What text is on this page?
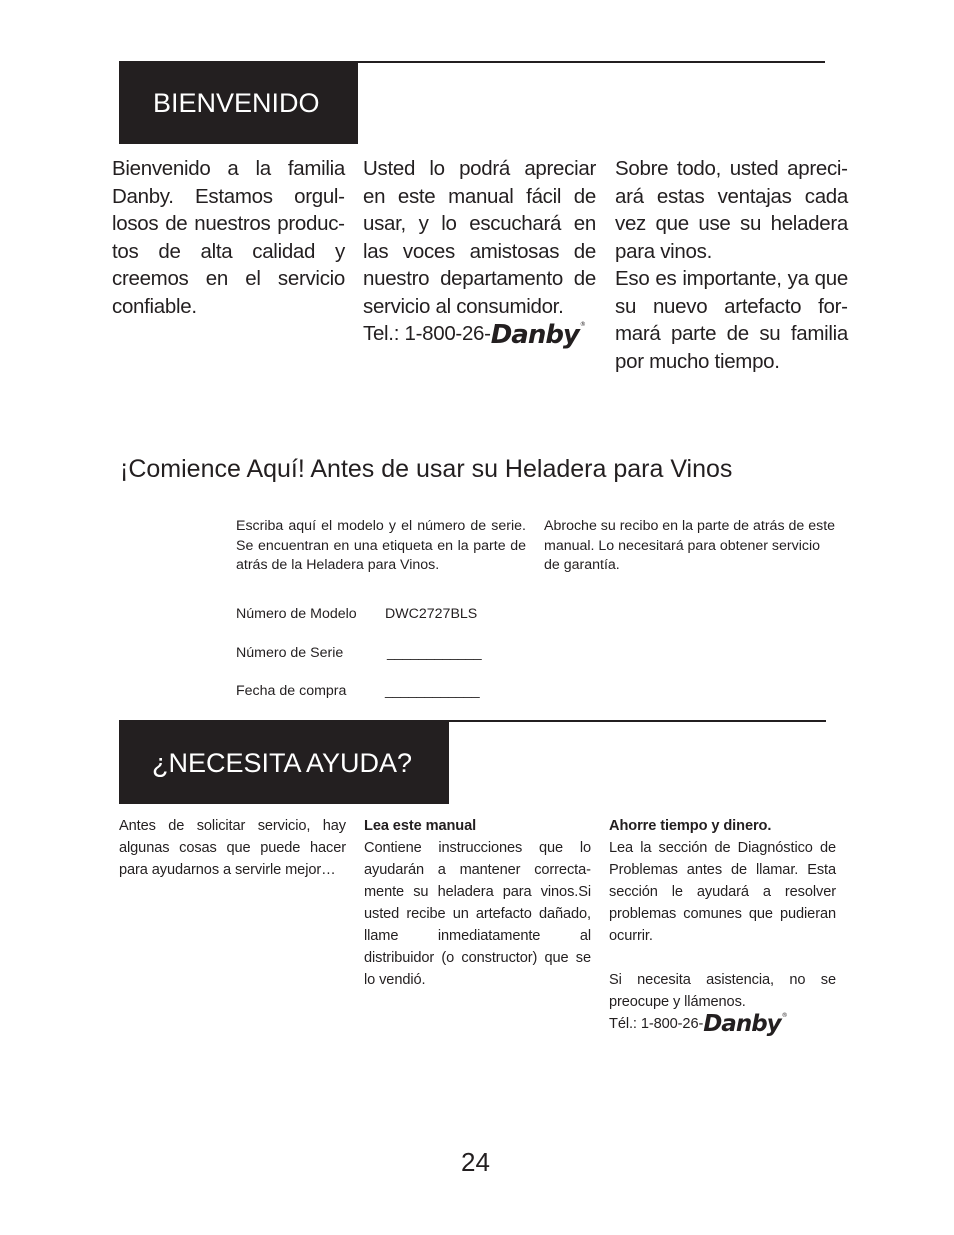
BIENVENIDO

Bienvenido a la familia Danby. Estamos orgullosos de nuestros productos de alta calidad y creemos en el servicio confiable.

Usted lo podrá apreciar en este manual fácil de usar, y lo escuchará en las voces amistosas de nuestro departamento de servicio al consumidor.

Tel.: 1-800-26-Danby®

Sobre todo, usted apreciará estas ventajas cada vez que use su heladera para vinos.

Eso es importante, ya que su nuevo artefacto formará parte de su familia por mucho tiempo.

¡Comience Aquí! Antes de usar su Heladera para Vinos
Escriba aquí el modelo y el número de serie. Se encuentran en una etiqueta en la parte de atrás de la Heladera para Vinos.
Abroche su recibo en la parte de atrás de este manual. Lo necesitará para obtener servicio de garantía.
Número de Modelo DWC2727BLS
Número de Serie	____________
Fecha de compra	____________
¿NECESITA AYUDA?

Antes de solicitar servicio, hay algunas cosas que puede hacer para ayudarnos a servirle mejor…

Lea este manual

Contiene instrucciones que lo ayudarán a mantener correctamente su heladera para vinos.Si usted recibe un artefacto dañado, llame inmediatamente al distribuidor (o constructor) que se lo vendió.

Ahorre tiempo y dinero.

Lea la sección de Diagnóstico de Problemas antes de llamar. Esta sección le ayudará a resolver problemas comunes que pudieran ocurrir.

Si necesita asistencia, no se preocupe y llámenos.

Tél.: 1-800-26-Danby®

24
